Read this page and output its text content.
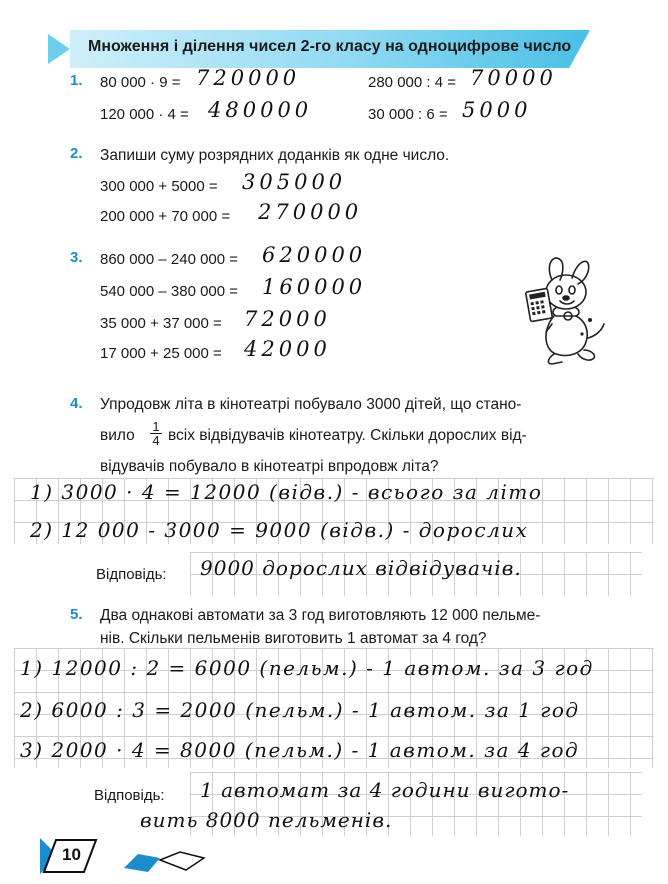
Множення і ділення чисел 2-го класу на одноцифрове число
1. 80 000 · 9 = 720000
120 000 · 4 = 480000
280 000 : 4 = 70000
30 000 : 6 = 5000
2. Запиши суму розрядних доданків як одне число.
300 000 + 5000 = 305000
200 000 + 70 000 = 270000
3. 860 000 – 240 000 = 620000
540 000 – 380 000 = 160000
35 000 + 37 000 = 72000
17 000 + 25 000 = 42000
4. Упродовж літа в кінотеатрі побувало 3000 дітей, що стано-
вило $\frac{1}{4}$ всіх відвідувачів кінотеатру. Скільки дорослих від-
відувачів побувало в кінотеатрі впродовж літа?
1) 3000 · 4 = 12000 (відв.) - всього за літо
2) 12 000 - 3000 = 9000 (відв.) - дорослих
Відповідь: 9000 дорослих відвідувачів.
5. Два однакові автомати за 3 год виготовляють 12 000 пельме-
нів. Скільки пельменів виготовить 1 автомат за 4 год?
1) 12000 : 2 = 6000 (пельм.) - 1 автом. за 3 год
2) 6000 : 3 = 2000 (пельм.) - 1 автом. за 1 год
3) 2000 · 4 = 8000 (пельм.) - 1 автом. за 4 год
Відповідь: 1 автомат за 4 години вигото-
вить 8000 пельменів.
10
